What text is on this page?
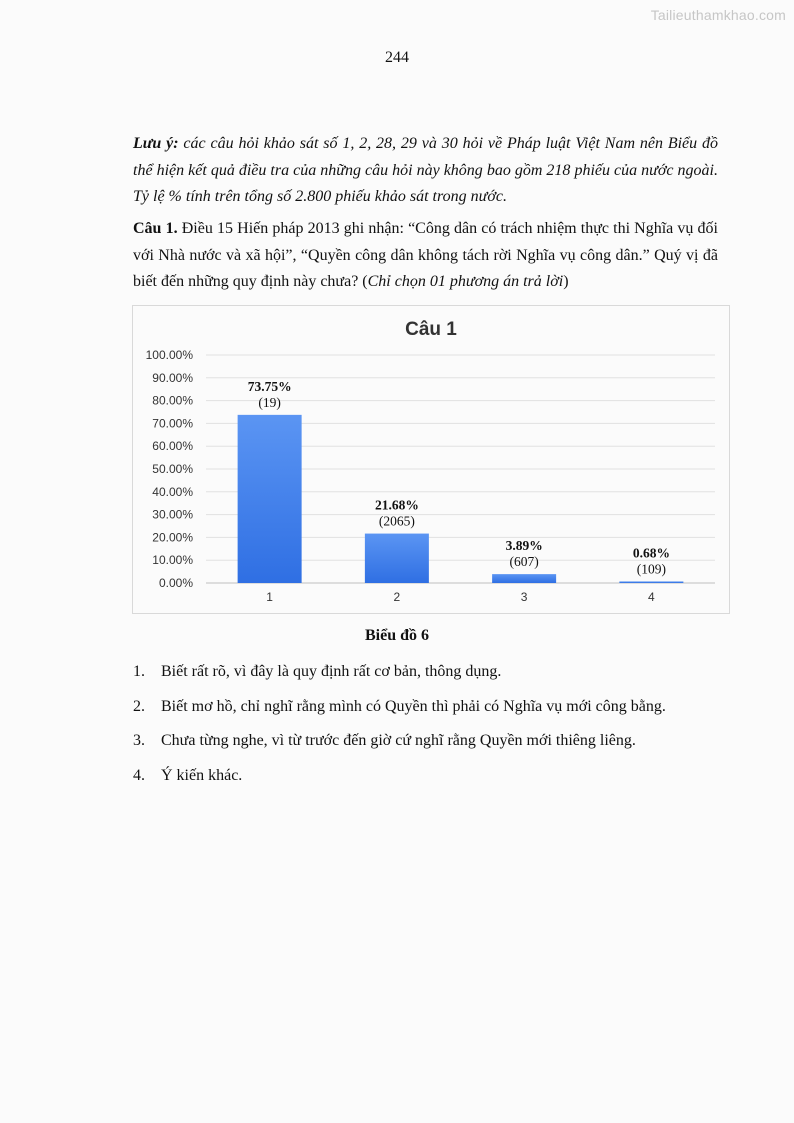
Tailieuthamkhao.com
244
Lưu ý: các câu hỏi khảo sát số 1, 2, 28, 29 và 30 hỏi về Pháp luật Việt Nam nên Biểu đồ thể hiện kết quả điều tra của những câu hỏi này không bao gồm 218 phiếu của nước ngoài. Tỷ lệ % tính trên tổng số 2.800 phiếu khảo sát trong nước.
Câu 1. Điều 15 Hiến pháp 2013 ghi nhận: “Công dân có trách nhiệm thực thi Nghĩa vụ đối với Nhà nước và xã hội”, “Quyền công dân không tách rời Nghĩa vụ công dân.” Quý vị đã biết đến những quy định này chưa? (Chỉ chọn 01 phương án trả lời)
Câu 1
0.00%
10.00%
20.00%
30.00%
40.00%
50.00%
60.00%
70.00%
80.00%
90.00%
100.00%
1
73.75%
(19)
2
21.68%
(2065)
3
3.89%
(607)
4
0.68%
(109)
Biểu đồ 6
1. Biết rất rõ, vì đây là quy định rất cơ bản, thông dụng.
2. Biết mơ hồ, chỉ nghĩ rằng mình có Quyền thì phải có Nghĩa vụ mới công bằng.
3. Chưa từng nghe, vì từ trước đến giờ cứ nghĩ rằng Quyền mới thiêng liêng.
4. Ý kiến khác.
